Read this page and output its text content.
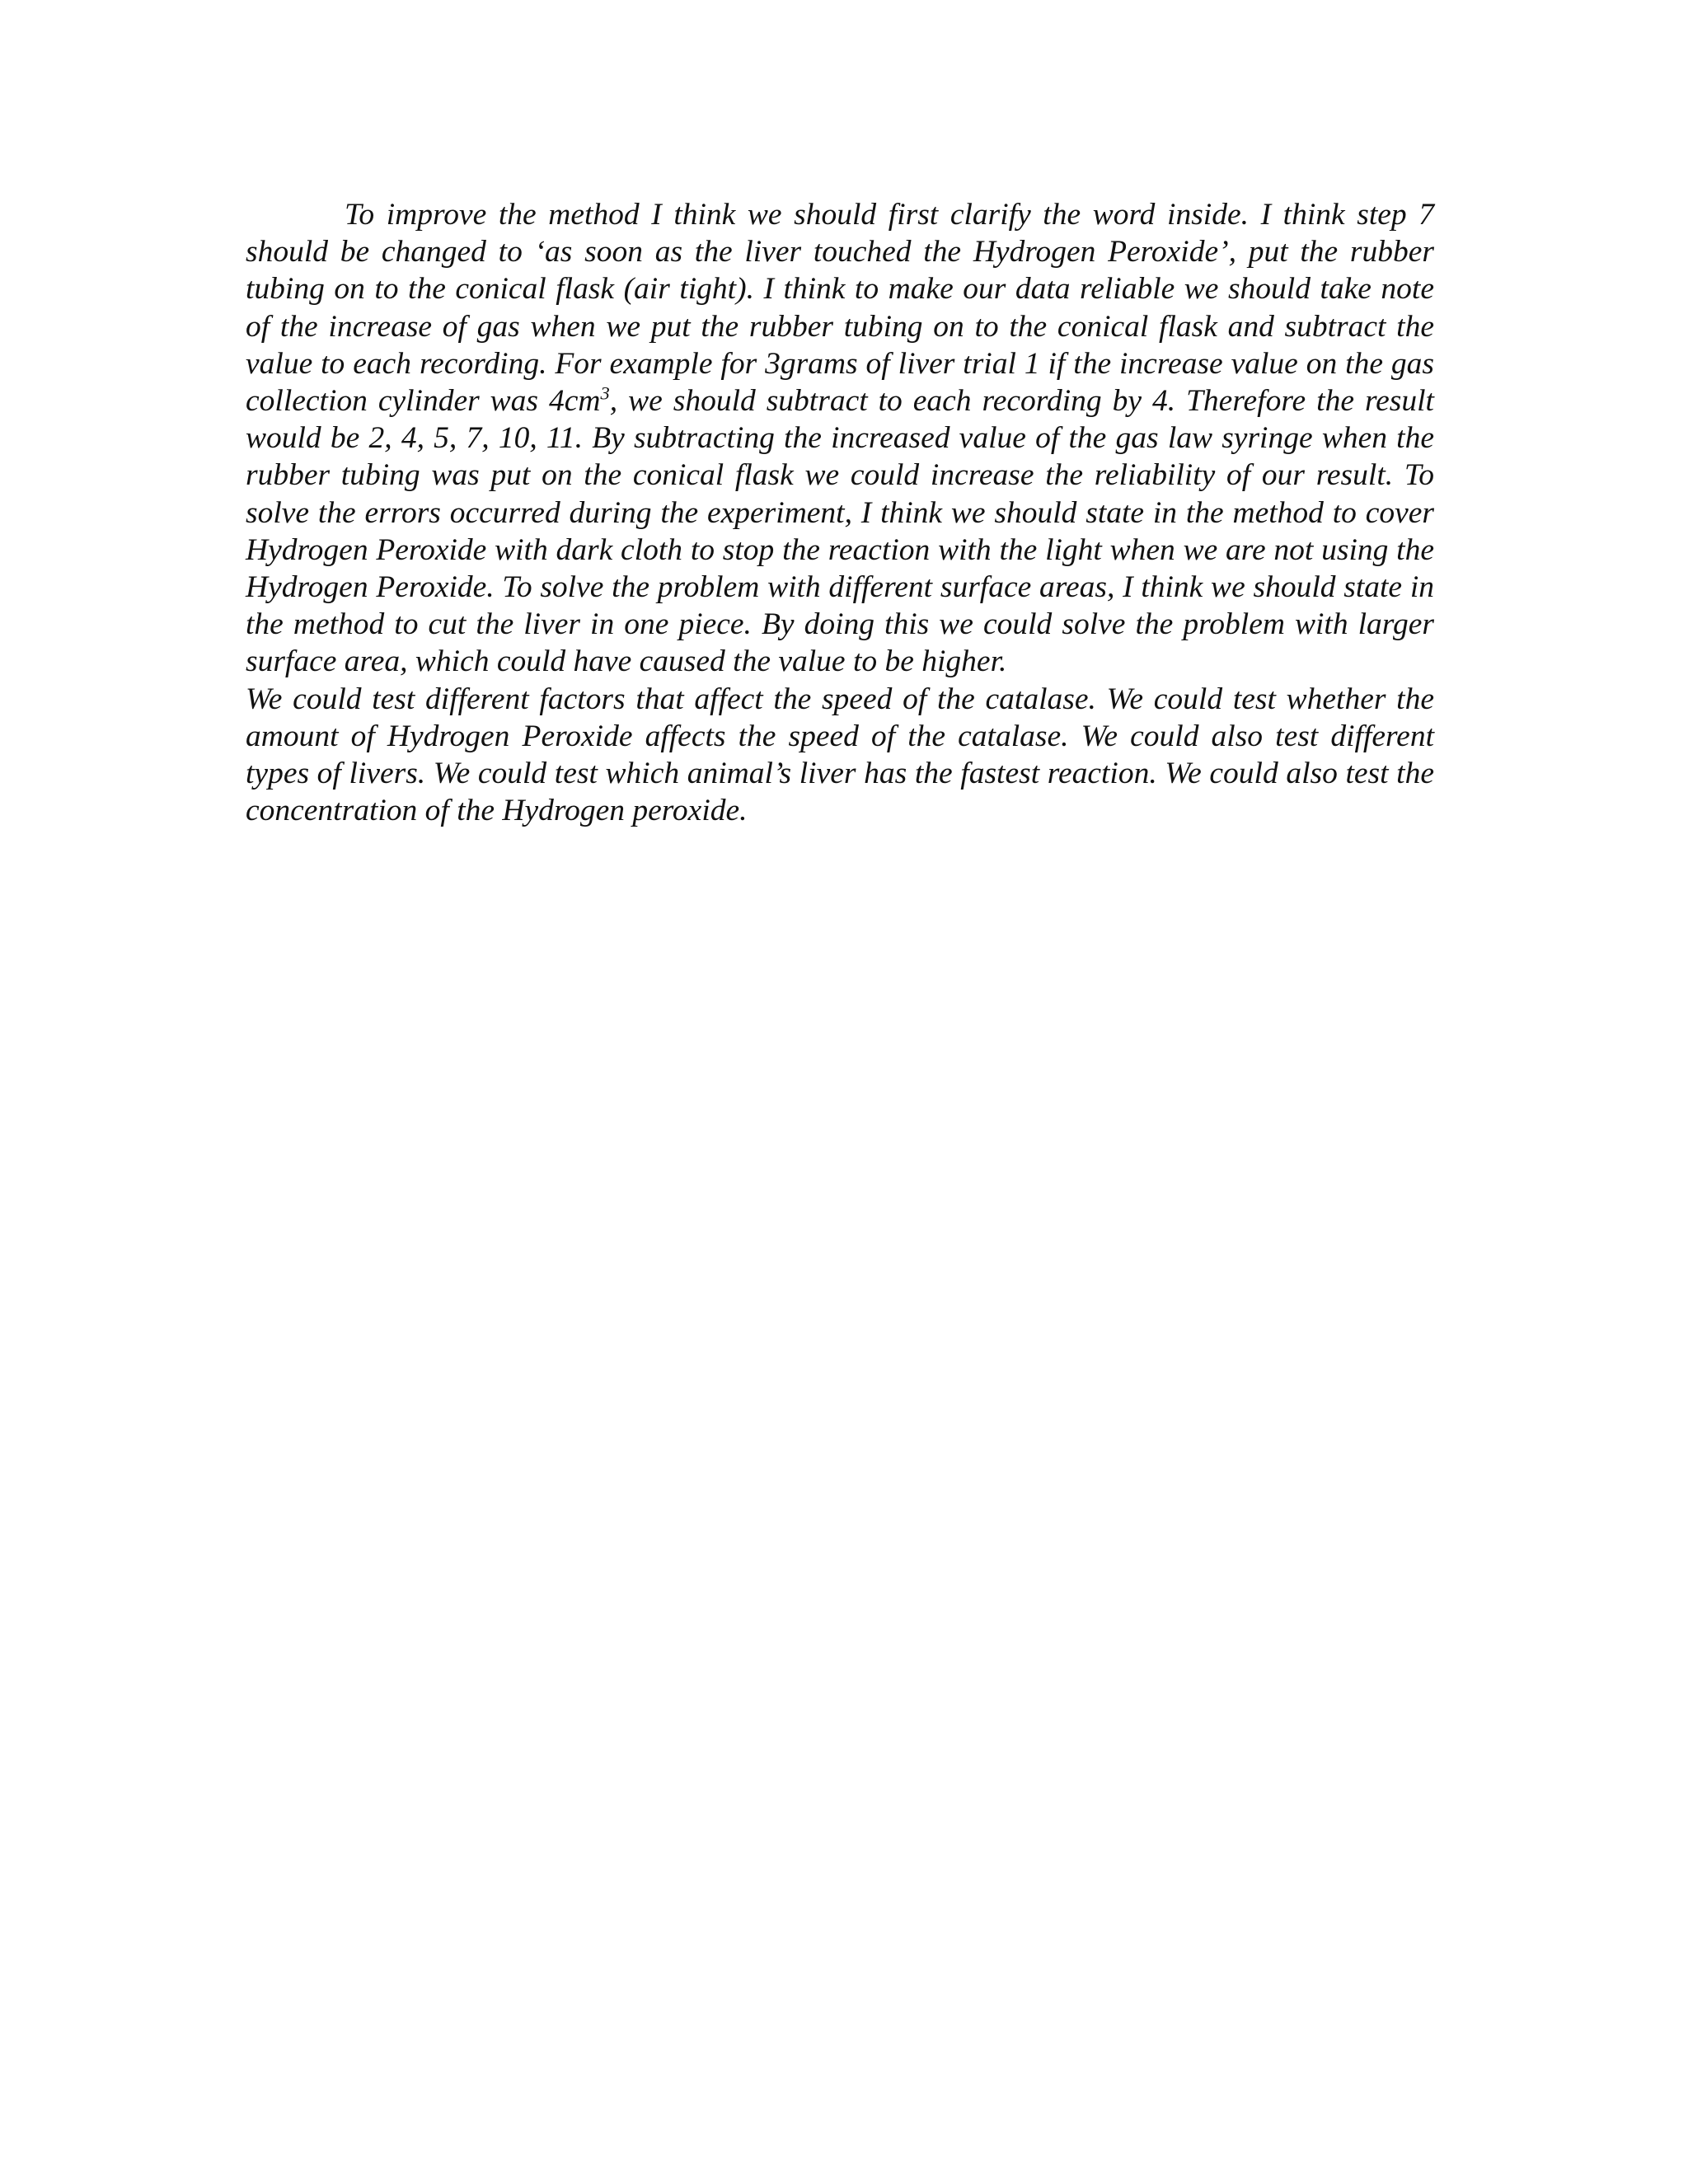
To improve the method I think we should first clarify the word inside. I think step 7 should be changed to ‘as soon as the liver touched the Hydrogen Peroxide’, put the rubber tubing on to the conical flask (air tight). I think to make our data reliable we should take note of the increase of gas when we put the rubber tubing on to the conical flask and subtract the value to each recording. For example for 3grams of liver trial 1 if the increase value on the gas collection cylinder was $4cm^3$, we should subtract to each recording by 4. Therefore the result would be 2, 4, 5, 7, 10, 11. By subtracting the increased value of the gas law syringe when the rubber tubing was put on the conical flask we could increase the reliability of our result. To solve the errors occurred during the experiment, I think we should state in the method to cover Hydrogen Peroxide with dark cloth to stop the reaction with the light when we are not using the Hydrogen Peroxide. To solve the problem with different surface areas, I think we should state in the method to cut the liver in one piece. By doing this we could solve the problem with larger surface area, which could have caused the value to be higher.

We could test different factors that affect the speed of the catalase. We could test whether the amount of Hydrogen Peroxide affects the speed of the catalase. We could also test different types of livers. We could test which animal’s liver has the fastest reaction. We could also test the concentration of the Hydrogen peroxide.
